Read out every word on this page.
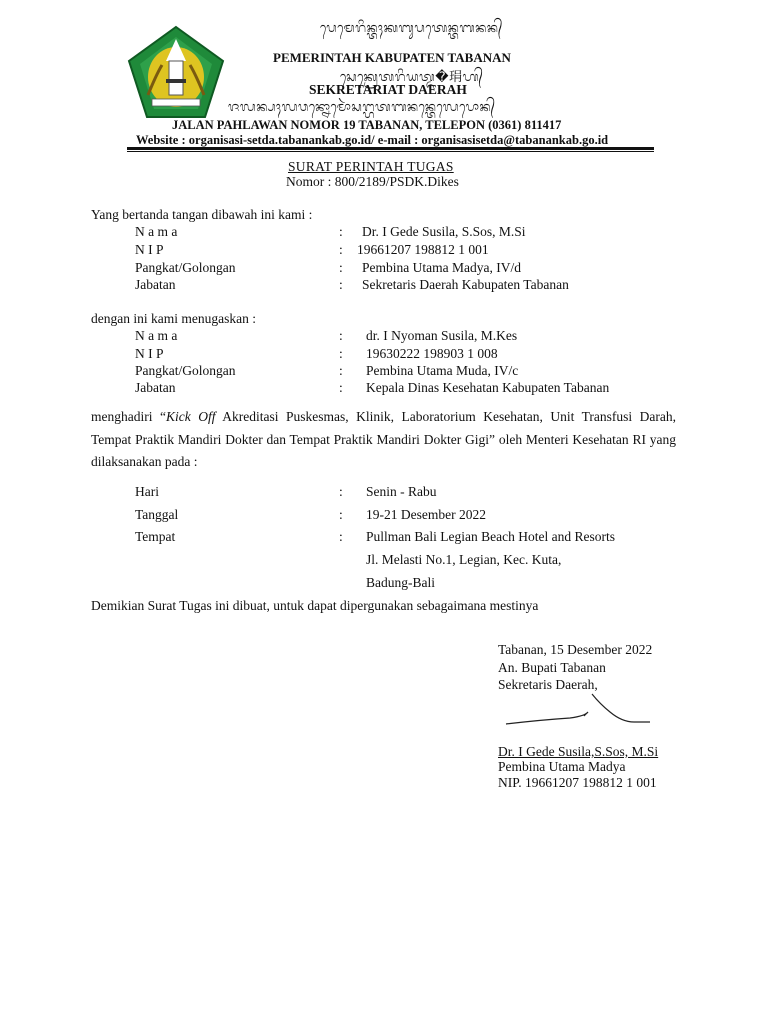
ᬧᬾᬫᬾᬭᬶᬦ᭄ᬢᬄᬓᬩᬸᬧᬢᬾᬦ᭄ᬢᬩᬦᬦ᭄
PEMERINTAH KABUPATEN TABANAN
ᬲᬾᬓ᭄ᬭᬾᬢᬭᬶᬬᬢ᭄ᬤ�琄ᬳ᭄
SEKRETARIAT DAERAH
ᬚᬮᬦ᭄ᬧᬄᬮᬯᬦ᭄ᬦᭀᬫᭀᬃᬲᬗ᭄ᬳᬢᬩᬦᬦ᭄ᬢᬾᬮᬾᬧᭀᬦ᭄
JALAN PAHLAWAN NOMOR 19 TABANAN, TELEPON (0361) 811417
Website : organisasi-setda.tabanankab.go.id/ e-mail : organisasisetda@tabanankab.go.id
SURAT PERINTAH TUGAS
Nomor : 800/2189/PSDK.Dikes
Yang bertanda tangan dibawah ini kami :
N a m a	: Dr. I Gede Susila, S.Sos, M.Si
N I P	: 19661207 198812 1 001
Pangkat/Golongan	: Pembina Utama Madya, IV/d
Jabatan	: Sekretaris Daerah Kabupaten Tabanan
dengan ini kami menugaskan :
N a m a	: dr. I Nyoman Susila, M.Kes
N I P	: 19630222 198903 1 008
Pangkat/Golongan	: Pembina Utama Muda, IV/c
Jabatan	: Kepala Dinas Kesehatan Kabupaten Tabanan
menghadiri “Kick Off Akreditasi Puskesmas, Klinik, Laboratorium Kesehatan, Unit Transfusi Darah, Tempat Praktik Mandiri Dokter dan Tempat Praktik Mandiri Dokter Gigi” oleh Menteri Kesehatan RI yang dilaksanakan pada :
Hari	: Senin - Rabu
Tanggal	: 19-21 Desember 2022
Tempat	: Pullman Bali Legian Beach Hotel and Resorts
Jl. Melasti No.1, Legian, Kec. Kuta,
Badung-Bali
Demikian Surat Tugas ini dibuat, untuk dapat dipergunakan sebagaimana mestinya
Tabanan, 15 Desember 2022
An. Bupati Tabanan
Sekretaris Daerah,
Dr. I Gede Susila,S.Sos, M.Si
Pembina Utama Madya
NIP. 19661207 198812 1 001
